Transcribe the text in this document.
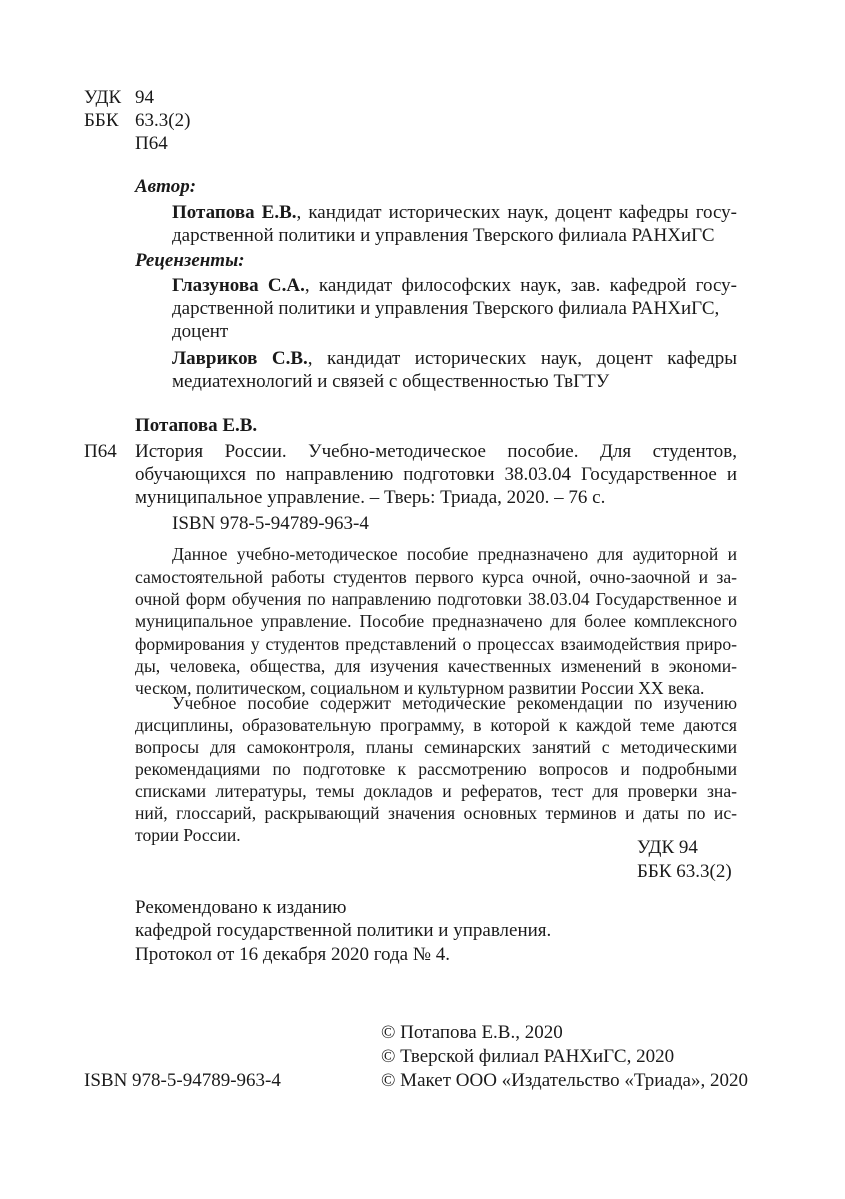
УДК 94
ББК 63.3(2)
П64
Автор:
Потапова Е.В., кандидат исторических наук, доцент кафедры госу-
дарственной политики и управления Тверского филиала РАНХиГС
Рецензенты:
Глазунова С.А., кандидат философских наук, зав. кафедрой госу-
дарственной политики и управления Тверского филиала РАНХиГС,
доцент
Лавриков С.В., кандидат исторических наук, доцент кафедры
медиатехнологий и связей с общественностью ТвГТУ
Потапова Е.В.
П64 История России. Учебно-методическое пособие. Для студентов,
обучающихся по направлению подготовки 38.03.04 Государственное и
муниципальное управление. – Тверь: Триада, 2020. – 76 с.
ISBN 978-5-94789-963-4
Данное учебно-методическое пособие предназначено для аудиторной и
самостоятельной работы студентов первого курса очной, очно-заочной и за-
очной форм обучения по направлению подготовки 38.03.04 Государственное и
муниципальное управление. Пособие предназначено для более комплексного
формирования у студентов представлений о процессах взаимодействия приро-
ды, человека, общества, для изучения качественных изменений в экономи-
ческом, политическом, социальном и культурном развитии России XX века.
Учебное пособие содержит методические рекомендации по изучению
дисциплины, образовательную программу, в которой к каждой теме даются
вопросы для самоконтроля, планы семинарских занятий с методическими
рекомендациями по подготовке к рассмотрению вопросов и подробными
списками литературы, темы докладов и рефератов, тест для проверки зна-
ний, глоссарий, раскрывающий значения основных терминов и даты по ис-
тории России.
УДК 94
ББК 63.3(2)
Рекомендовано к изданию
кафедрой государственной политики и управления.
Протокол от 16 декабря 2020 года № 4.
© Потапова Е.В., 2020
© Тверской филиал РАНХиГС, 2020
ISBN 978-5-94789-963-4	© Макет ООО «Издательство «Триада», 2020
